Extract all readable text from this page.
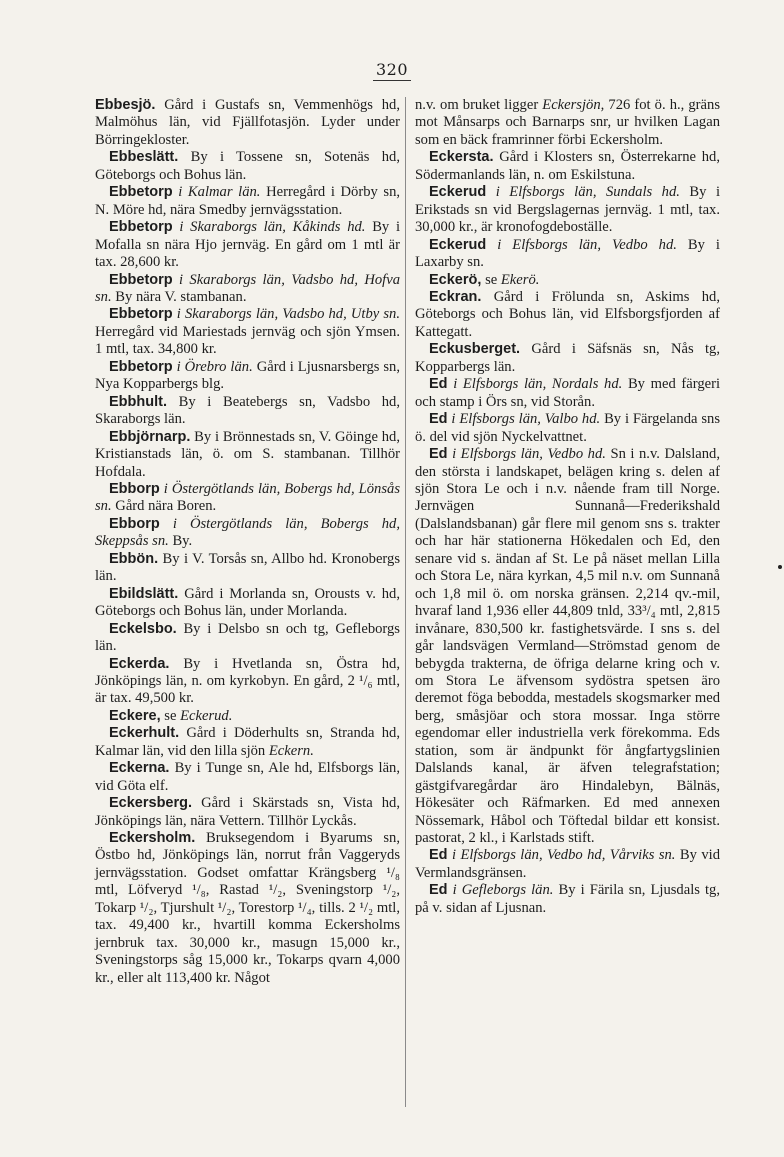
320

Ebbesjö. Gård i Gustafs sn, Vemmenhögs hd, Malmöhus län, vid Fjällfotasjön. Lyder under Börringekloster.

Ebbeslätt. By i Tossene sn, Sotenäs hd, Göteborgs och Bohus län.

Ebbetorp i Kalmar län. Herregård i Dörby sn, N. Möre hd, nära Smedby jernvägsstation.

Ebbetorp i Skaraborgs län, Kåkinds hd. By i Mofalla sn nära Hjo jernväg. En gård om 1 mtl är tax. 28,600 kr.

Ebbetorp i Skaraborgs län, Vadsbo hd, Hofva sn. By nära V. stambanan.

Ebbetorp i Skaraborgs län, Vadsbo hd, Utby sn. Herregård vid Mariestads jernväg och sjön Ymsen. 1 mtl, tax. 34,800 kr.

Ebbetorp i Örebro län. Gård i Ljusnarsbergs sn, Nya Kopparbergs blg.

Ebbhult. By i Beatebergs sn, Vadsbo hd, Skaraborgs län.

Ebbjörnarp. By i Brönnestads sn, V. Göinge hd, Kristianstads län, ö. om S. stambanan. Tillhör Hofdala.

Ebborp i Östergötlands län, Bobergs hd, Lönsås sn. Gård nära Boren.

Ebborp i Östergötlands län, Bobergs hd, Skeppsås sn. By.

Ebbön. By i V. Torsås sn, Allbo hd. Kronobergs län.

Ebildslätt. Gård i Morlanda sn, Orousts v. hd, Göteborgs och Bohus län, under Morlanda.

Eckelsbo. By i Delsbo sn och tg, Gefleborgs län.

Eckerda. By i Hvetlanda sn, Östra hd, Jönköpings län, n. om kyrkobyn. En gård, 2 ¹/₆ mtl, är tax. 49,500 kr.

Eckere, se Eckerud.

Eckerhult. Gård i Döderhults sn, Stranda hd, Kalmar län, vid den lilla sjön Eckern.

Eckerna. By i Tunge sn, Ale hd, Elfsborgs län, vid Göta elf.

Eckersberg. Gård i Skärstads sn, Vista hd, Jönköpings län, nära Vettern. Tillhör Lyckås.

Eckersholm. Bruksegendom i Byarums sn, Östbo hd, Jönköpings län, norrut från Vaggeryds jernvägsstation. Godset omfattar Krängsberg ¹/₈ mtl, Löfveryd ¹/₈, Rastad ¹/₂, Sveningstorp ¹/₂, Tokarp ¹/₂, Tjurshult ¹/₂, Torestorp ¹/₄, tills. 2 ¹/₂ mtl, tax. 49,400 kr., hvartill komma Eckersholms jernbruk tax. 30,000 kr., masugn 15,000 kr., Sveningstorps såg 15,000 kr., Tokarps qvarn 4,000 kr., eller alt 113,400 kr. Något

n.v. om bruket ligger Eckersjön, 726 fot ö. h., gräns mot Månsarps och Barnarps snr, ur hvilken Lagan som en bäck framrinner förbi Eckersholm.

Eckersta. Gård i Klosters sn, Österrekarne hd, Södermanlands län, n. om Eskilstuna.

Eckerud i Elfsborgs län, Sundals hd. By i Erikstads sn vid Bergslagernas jernväg. 1 mtl, tax. 30,000 kr., är kronofogdeboställe.

Eckerud i Elfsborgs län, Vedbo hd. By i Laxarby sn.

Eckerö, se Ekerö.

Eckran. Gård i Frölunda sn, Askims hd, Göteborgs och Bohus län, vid Elfsborgsfjorden af Kattegatt.

Eckusberget. Gård i Säfsnäs sn, Nås tg, Kopparbergs län.

Ed i Elfsborgs län, Nordals hd. By med färgeri och stamp i Örs sn, vid Storån.

Ed i Elfsborgs län, Valbo hd. By i Färgelanda sns ö. del vid sjön Nyckelvattnet.

Ed i Elfsborgs län, Vedbo hd. Sn i n.v. Dalsland, den största i landskapet, belägen kring s. delen af sjön Stora Le och i n.v. nående fram till Norge. Jernvägen Sunnanå—Frederikshald (Dalslandsbanan) går flere mil genom sns s. trakter och har här stationerna Hökedalen och Ed, den senare vid s. ändan af St. Le på näset mellan Lilla och Stora Le, nära kyrkan, 4,5 mil n.v. om Sunnanå och 1,8 mil ö. om norska gränsen. 2,214 qv.-mil, hvaraf land 1,936 eller 44,809 tnld, 33³/₄ mtl, 2,815 invånare, 830,500 kr. fastighetsvärde. I sns s. del går landsvägen Vermland—Strömstad genom de bebygda trakterna, de öfriga delarne kring och v. om Stora Le äfvensom sydöstra spetsen äro deremot föga bebodda, mestadels skogsmarker med berg, småsjöar och stora mossar. Inga större egendomar eller industriella verk förekomma. Eds station, som är ändpunkt för ångfartygslinien Dalslands kanal, är äfven telegrafstation; gästgifvaregårdar äro Hindalebyn, Bälnäs, Hökesäter och Räfmarken. Ed med annexen Nössemark, Håbol och Töftedal bildar ett konsist. pastorat, 2 kl., i Karlstads stift.

Ed i Elfsborgs län, Vedbo hd, Vårviks sn. By vid Vermlandsgränsen.

Ed i Gefleborgs län. By i Färila sn, Ljusdals tg, på v. sidan af Ljusnan.
